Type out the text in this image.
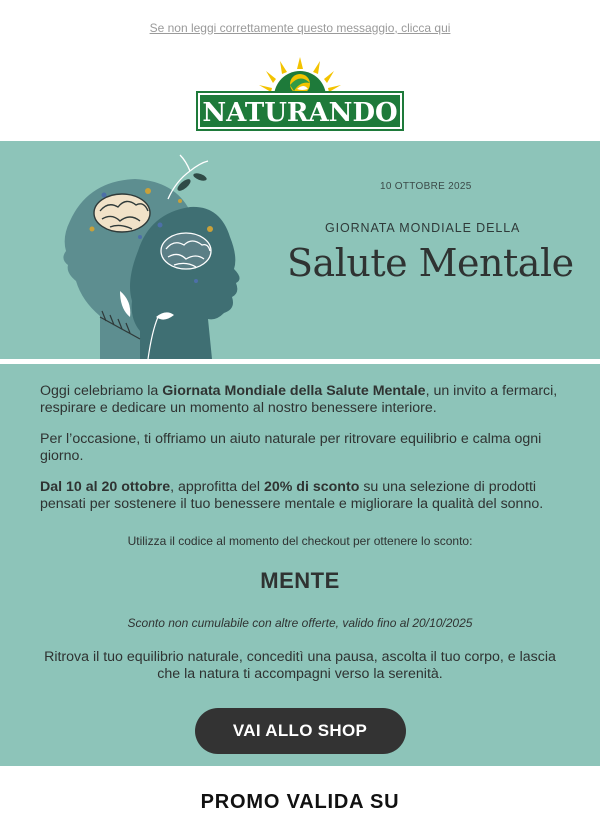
Se non leggi correttamente questo messaggio, clicca qui
NATURANDO
10 OTTOBRE 2025
GIORNATA MONDIALE DELLA
Salute Mentale

Oggi celebriamo la Giornata Mondiale della Salute Mentale, un invito a fermarci, respirare e dedicare un momento al nostro benessere interiore.

Per l’occasione, ti offriamo un aiuto naturale per ritrovare equilibrio e calma ogni giorno.

Dal 10 al 20 ottobre, approfitta del 20% di sconto su una selezione di prodotti pensati per sostenere il tuo benessere mentale e migliorare la qualità del sonno.

Utilizza il codice al momento del checkout per ottenere lo sconto:

MENTE

Sconto non cumulabile con altre offerte, valido fino al 20/10/2025

Ritrova il tuo equilibrio naturale, conceditì una pausa, ascolta il tuo corpo, e lascia che la natura ti accompagni verso la serenità.

VAI ALLO SHOP
PROMO VALIDA SU
